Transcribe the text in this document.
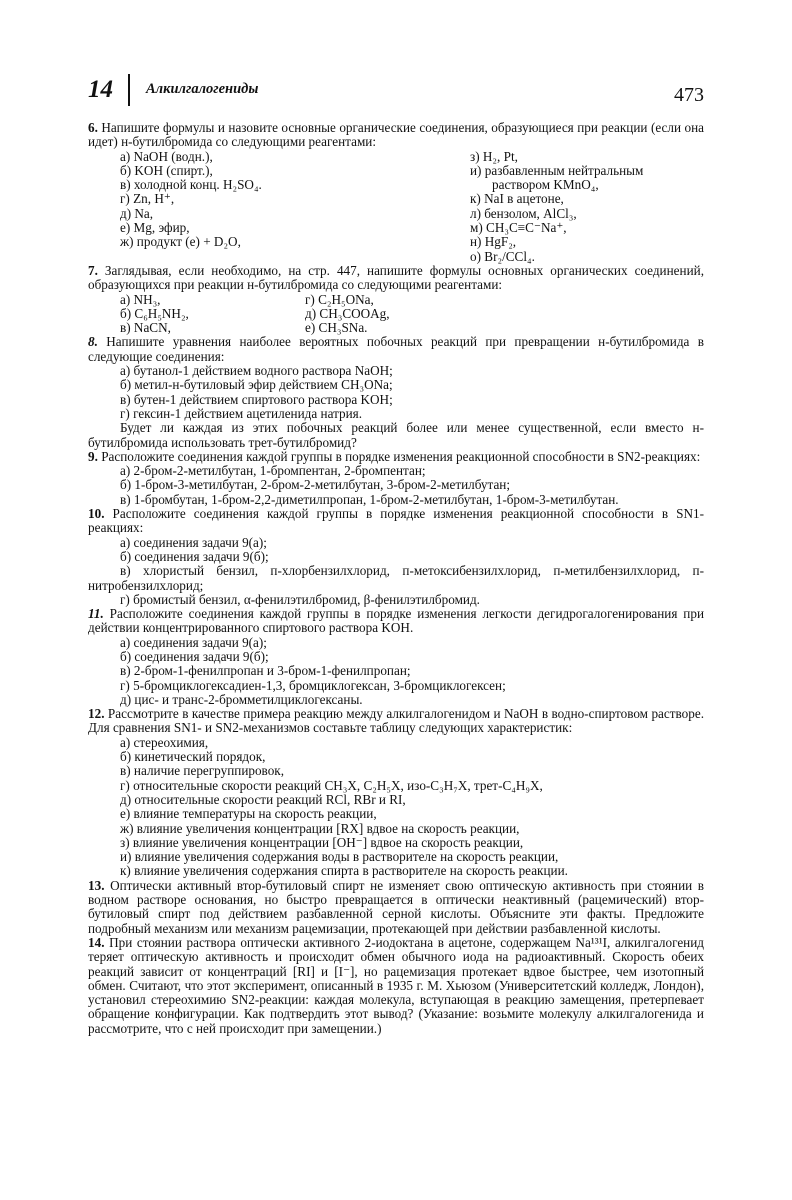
14 Алкилгалогениды	473

6. Напишите формулы и назовите основные органические соединения, образующиеся при реакции (если она идет) н-бутилбромида со следующими реагентами:

а) NaOH (водн.),
б) KOH (спирт.),
в) холодной конц. H₂SO₄.
г) Zn, H⁺,
д) Na,
е) Mg, эфир,
ж) продукт (е) + D₂O,
з) H₂, Pt,
и) разбавленным нейтральным
раствором KMnO₄,
к) NaI в ацетоне,
л) бензолом, AlCl₃,
м) CH₃C≡C⁻Na⁺,
н) HgF₂,
о) Br₂/CCl₄.

7. Заглядывая, если необходимо, на стр. 447, напишите формулы основных органических соединений, образующихся при реакции н-бутилбромида со следующими реагентами:

а) NH₃,
б) C₆H₅NH₂,
в) NaCN,
г) C₂H₅ONa,
д) CH₃COOAg,
е) CH₃SNa.

8. Напишите уравнения наиболее вероятных побочных реакций при превращении н-бутилбромида в следующие соединения:

а) бутанол-1 действием водного раствора NaOH;
б) метил-н-бутиловый эфир действием CH₃ONa;
в) бутен-1 действием спиртового раствора KOH;
г) гексин-1 действием ацетиленида натрия.

Будет ли каждая из этих побочных реакций более или менее существенной, если вместо н-бутилбромида использовать трет-бутилбромид?

9. Расположите соединения каждой группы в порядке изменения реакционной способности в SN2-реакциях:

а) 2-бром-2-метилбутан, 1-бромпентан, 2-бромпентан;
б) 1-бром-3-метилбутан, 2-бром-2-метилбутан, 3-бром-2-метилбутан;
в) 1-бромбутан, 1-бром-2,2-диметилпропан, 1-бром-2-метилбутан, 1-бром-3-метилбутан.

10. Расположите соединения каждой группы в порядке изменения реакционной способности в SN1-реакциях:

а) соединения задачи 9(а);
б) соединения задачи 9(б);
в) хлористый бензил, п-хлорбензилхлорид, п-метоксибензилхлорид, п-метилбензилхлорид, п-нитробензилхлорид;
г) бромистый бензил, α-фенилэтилбромид, β-фенилэтилбромид.

11. Расположите соединения каждой группы в порядке изменения легкости дегидрогалогенирования при действии концентрированного спиртового раствора KOH.

а) соединения задачи 9(а);
б) соединения задачи 9(б);
в) 2-бром-1-фенилпропан и 3-бром-1-фенилпропан;
г) 5-бромциклогексадиен-1,3, бромциклогексан, 3-бромциклогексен;
д) цис- и транс-2-бромметилциклогексаны.

12. Рассмотрите в качестве примера реакцию между алкилгалогенидом и NaOH в водно-спиртовом растворе. Для сравнения SN1- и SN2-механизмов составьте таблицу следующих характеристик:

а) стереохимия,
б) кинетический порядок,
в) наличие перегруппировок,
г) относительные скорости реакций CH₃X, C₂H₅X, изо-C₃H₇X, трет-C₄H₉X,
д) относительные скорости реакций RCl, RBr и RI,
е) влияние температуры на скорость реакции,
ж) влияние увеличения концентрации [RX] вдвое на скорость реакции,
з) влияние увеличения концентрации [OH⁻] вдвое на скорость реакции,
и) влияние увеличения содержания воды в растворителе на скорость реакции,
к) влияние увеличения содержания спирта в растворителе на скорость реакции.

13. Оптически активный втор-бутиловый спирт не изменяет свою оптическую активность при стоянии в водном растворе основания, но быстро превращается в оптически неактивный (рацемический) втор-бутиловый спирт под действием разбавленной серной кислоты. Объясните эти факты. Предложите подробный механизм или механизм рацемизации, протекающей при действии разбавленной кислоты.

14. При стоянии раствора оптически активного 2-иодоктана в ацетоне, содержащем Na¹³¹I, алкилгалогенид теряет оптическую активность и происходит обмен обычного иода на радиоактивный. Скорость обеих реакций зависит от концентраций [RI] и [I⁻], но рацемизация протекает вдвое быстрее, чем изотопный обмен. Считают, что этот эксперимент, описанный в 1935 г. М. Хьюзом (Университетский колледж, Лондон), установил стереохимию SN2-реакции: каждая молекула, вступающая в реакцию замещения, претерпевает обращение конфигурации. Как подтвердить этот вывод? (Указание: возьмите молекулу алкилгалогенида и рассмотрите, что с ней происходит при замещении.)
